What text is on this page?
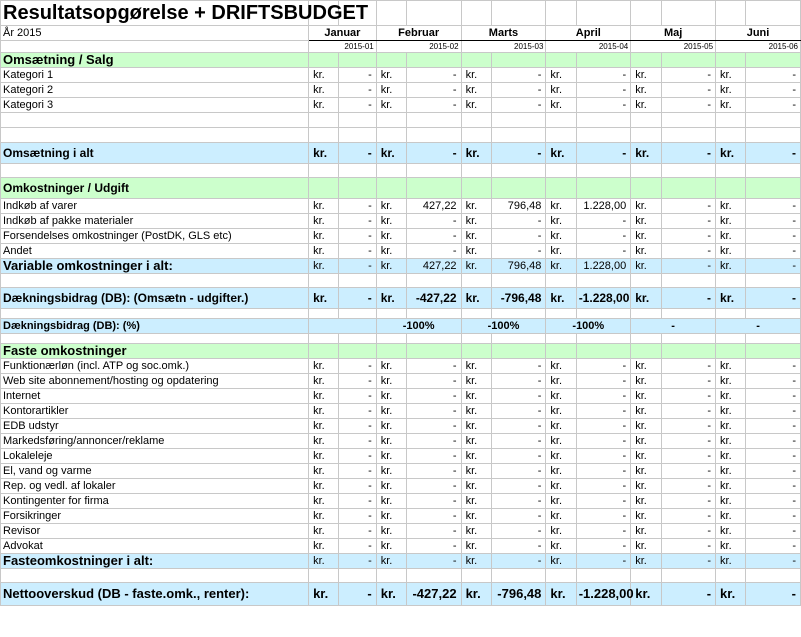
Resultatsopgørelse + DRIFTSBUDGET												
År 2015	Januar		Februar		Marts		April		Maj		Juni	
	2015-01		2015-02		2015-03		2015-04		2015-05		2015-06	
Omsætning / Salg												
Kategori 1	kr.	-	kr.	-	kr.	-	kr.	-	kr.	-	kr.	-
Kategori 2	kr.	-	kr.	-	kr.	-	kr.	-	kr.	-	kr.	-
Kategori 3	kr.	-	kr.	-	kr.	-	kr.	-	kr.	-	kr.	-

Omsætning i alt	kr.	-	kr.	-	kr.	-	kr.	-	kr.	-	kr.	-

Omkostninger / Udgift												
Indkøb af varer	kr.	-	kr.	427,22	kr.	796,48	kr.	1.228,00	kr.	-	kr.	-
Indkøb af pakke materialer	kr.	-	kr.	-	kr.	-	kr.	-	kr.	-	kr.	-
Forsendelses omkostninger (PostDK, GLS etc)	kr.	-	kr.	-	kr.	-	kr.	-	kr.	-	kr.	-
Andet	kr.	-	kr.	-	kr.	-	kr.	-	kr.	-	kr.	-
Variable omkostninger i alt:	kr.	-	kr.	427,22	kr.	796,48	kr.	1.228,00	kr.	-	kr.	-

Dækningsbidrag (DB): (Omsætn - udgifter.)	kr.	-	kr.	-427,22	kr.	-796,48	kr.	-1.228,00	kr.	-	kr.	-

Dækningsbidrag (DB): (%)			-100%		-100%		-100%		-		-	

Faste omkostninger												
Funktionærløn (incl. ATP og soc.omk.)	kr.	-	kr.	-	kr.	-	kr.	-	kr.	-	kr.	-
Web site abonnement/hosting og opdatering	kr.	-	kr.	-	kr.	-	kr.	-	kr.	-	kr.	-
Internet	kr.	-	kr.	-	kr.	-	kr.	-	kr.	-	kr.	-
Kontorartikler	kr.	-	kr.	-	kr.	-	kr.	-	kr.	-	kr.	-
EDB udstyr	kr.	-	kr.	-	kr.	-	kr.	-	kr.	-	kr.	-
Markedsføring/annoncer/reklame	kr.	-	kr.	-	kr.	-	kr.	-	kr.	-	kr.	-
Lokaleleje	kr.	-	kr.	-	kr.	-	kr.	-	kr.	-	kr.	-
El, vand og varme	kr.	-	kr.	-	kr.	-	kr.	-	kr.	-	kr.	-
Rep. og vedl. af lokaler	kr.	-	kr.	-	kr.	-	kr.	-	kr.	-	kr.	-
Kontingenter for firma	kr.	-	kr.	-	kr.	-	kr.	-	kr.	-	kr.	-
Forsikringer	kr.	-	kr.	-	kr.	-	kr.	-	kr.	-	kr.	-
Revisor	kr.	-	kr.	-	kr.	-	kr.	-	kr.	-	kr.	-
Advokat	kr.	-	kr.	-	kr.	-	kr.	-	kr.	-	kr.	-
Fasteomkostninger i alt:	kr.	-	kr.	-	kr.	-	kr.	-	kr.	-	kr.	-

Nettooverskud (DB - faste.omk., renter):	kr.	-	kr.	-427,22	kr.	-796,48	kr.	-1.228,00	kr.	-	kr.	-
